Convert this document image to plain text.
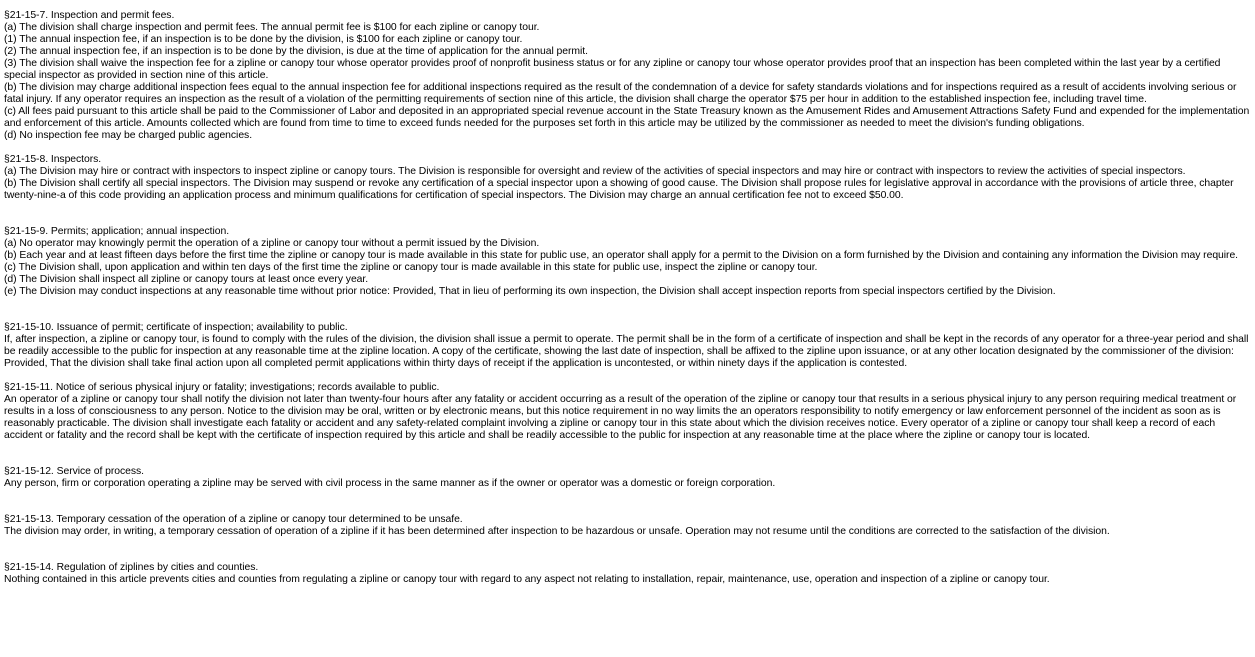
§21-15-7. Inspection and permit fees.
(a) The division shall charge inspection and permit fees. The annual permit fee is $100 for each zipline or canopy tour.
(1) The annual inspection fee, if an inspection is to be done by the division, is $100 for each zipline or canopy tour.
(2) The annual inspection fee, if an inspection is to be done by the division, is due at the time of application for the annual permit.
(3) The division shall waive the inspection fee for a zipline or canopy tour whose operator provides proof of nonprofit business status or for any zipline or canopy tour whose operator provides proof that an inspection has been completed within the last year by a certified special inspector as provided in section nine of this article.
(b) The division may charge additional inspection fees equal to the annual inspection fee for additional inspections required as the result of the condemnation of a device for safety standards violations and for inspections required as a result of accidents involving serious or fatal injury. If any operator requires an inspection as the result of a violation of the permitting requirements of section nine of this article, the division shall charge the operator $75 per hour in addition to the established inspection fee, including travel time.
(c) All fees paid pursuant to this article shall be paid to the Commissioner of Labor and deposited in an appropriated special revenue account in the State Treasury known as the Amusement Rides and Amusement Attractions Safety Fund and expended for the implementation and enforcement of this article. Amounts collected which are found from time to time to exceed funds needed for the purposes set forth in this article may be utilized by the commissioner as needed to meet the division's funding obligations.
(d) No inspection fee may be charged public agencies.
§21-15-8. Inspectors.
(a) The Division may hire or contract with inspectors to inspect zipline or canopy tours. The Division is responsible for oversight and review of the activities of special inspectors and may hire or contract with inspectors to review the activities of special inspectors.
(b) The Division shall certify all special inspectors. The Division may suspend or revoke any certification of a special inspector upon a showing of good cause. The Division shall propose rules for legislative approval in accordance with the provisions of article three, chapter twenty-nine-a of this code providing an application process and minimum qualifications for certification of special inspectors. The Division may charge an annual certification fee not to exceed $50.00.
§21-15-9. Permits; application; annual inspection.
(a) No operator may knowingly permit the operation of a zipline or canopy tour without a permit issued by the Division.
(b) Each year and at least fifteen days before the first time the zipline or canopy tour is made available in this state for public use, an operator shall apply for a permit to the Division on a form furnished by the Division and containing any information the Division may require.
(c) The Division shall, upon application and within ten days of the first time the zipline or canopy tour is made available in this state for public use, inspect the zipline or canopy tour.
(d) The Division shall inspect all zipline or canopy tours at least once every year.
(e) The Division may conduct inspections at any reasonable time without prior notice: Provided, That in lieu of performing its own inspection, the Division shall accept inspection reports from special inspectors certified by the Division.
§21-15-10. Issuance of permit; certificate of inspection; availability to public.
If, after inspection, a zipline or canopy tour, is found to comply with the rules of the division, the division shall issue a permit to operate. The permit shall be in the form of a certificate of inspection and shall be kept in the records of any operator for a three-year period and shall be readily accessible to the public for inspection at any reasonable time at the zipline location. A copy of the certificate, showing the last date of inspection, shall be affixed to the zipline upon issuance, or at any other location designated by the commissioner of the division: Provided, That the division shall take final action upon all completed permit applications within thirty days of receipt if the application is uncontested, or within ninety days if the application is contested.
§21-15-11. Notice of serious physical injury or fatality; investigations; records available to public.
An operator of a zipline or canopy tour shall notify the division not later than twenty-four hours after any fatality or accident occurring as a result of the operation of the zipline or canopy tour that results in a serious physical injury to any person requiring medical treatment or results in a loss of consciousness to any person. Notice to the division may be oral, written or by electronic means, but this notice requirement in no way limits the an operators responsibility to notify emergency or law enforcement personnel of the incident as soon as is reasonably practicable. The division shall investigate each fatality or accident and any safety-related complaint involving a zipline or canopy tour in this state about which the division receives notice. Every operator of a zipline or canopy tour shall keep a record of each accident or fatality and the record shall be kept with the certificate of inspection required by this article and shall be readily accessible to the public for inspection at any reasonable time at the place where the zipline or canopy tour is located.
§21-15-12. Service of process.
Any person, firm or corporation operating a zipline may be served with civil process in the same manner as if the owner or operator was a domestic or foreign corporation.
§21-15-13. Temporary cessation of the operation of a zipline or canopy tour determined to be unsafe.
The division may order, in writing, a temporary cessation of operation of a zipline if it has been determined after inspection to be hazardous or unsafe. Operation may not resume until the conditions are corrected to the satisfaction of the division.
§21-15-14. Regulation of ziplines by cities and counties.
Nothing contained in this article prevents cities and counties from regulating a zipline or canopy tour with regard to any aspect not relating to installation, repair, maintenance, use, operation and inspection of a zipline or canopy tour.
